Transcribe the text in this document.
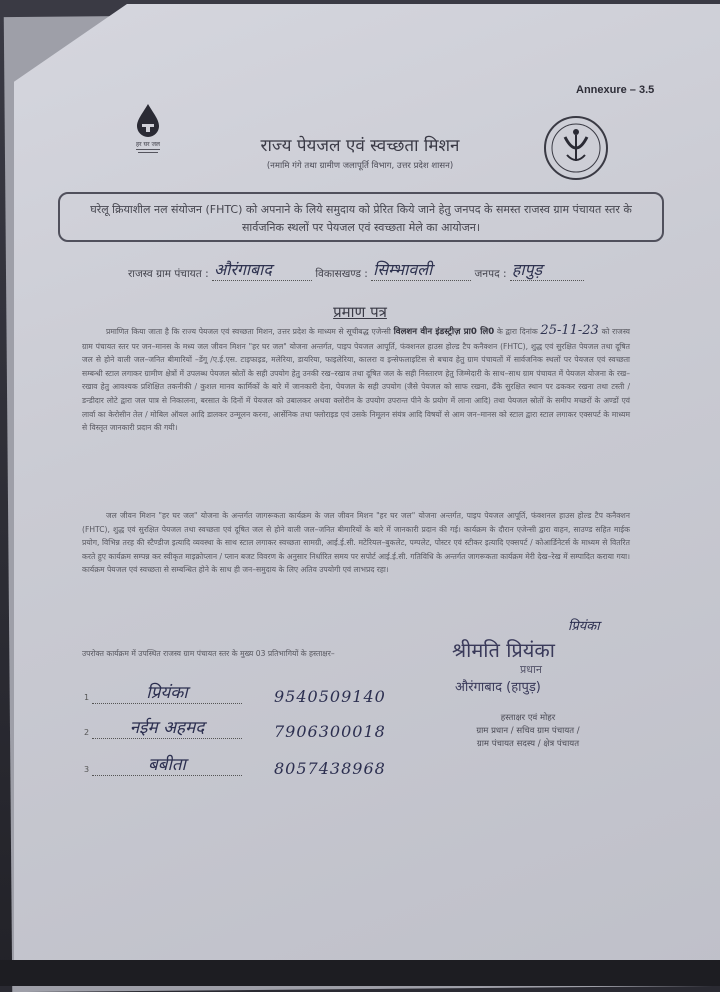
Annexure – 3.5
हर घर जल	राज्य पेयजल एवं स्वच्छता मिशन
(नमामि गंगे तथा ग्रामीण जलापूर्ति विभाग, उत्तर प्रदेश शासन)
घरेलू क्रियाशील नल संयोजन (FHTC) को अपनाने के लिये समुदाय को प्रेरित किये जाने हेतु जनपद के समस्त राजस्व ग्राम पंचायत स्तर के सार्वजनिक स्थलों पर पेयजल एवं स्वच्छता मेले का आयोजन।
राजस्व ग्राम पंचायत : औरंगाबाद	विकासखण्ड : सिम्भावली	जनपद : हापुड़
प्रमाण पत्र
प्रमाणित किया जाता है कि राज्य पेयजल एवं स्वच्छता मिशन, उत्तर प्रदेश के माध्यम से सूचीबद्ध एजेन्सी विलशन वीन इंडस्ट्रीज़ प्रा0 लि0 के द्वारा दिनांक 25-11-23 को राजस्व ग्राम पंचायत स्तर पर जन–मानस के मध्य जल जीवन मिशन "हर घर जल" योजना अन्तर्गत, पाइप पेयजल आपूर्ति, फंक्शनल हाउस होल्ड टैप कनैक्शन (FHTC), शुद्ध एवं सुरक्षित पेयजल तथा दूषित जल से होने वाली जल–जनित बीमारियों –डेंगू /ए.ई.एस. टाइफाइड, मलेरिया, डायरिया, फाइलेरिया, कालरा व इन्सेफलाइटिस से बचाव हेतु ग्राम पंचायतों में सार्वजनिक स्थलों पर पेयजल एवं स्वच्छता सम्बन्धी स्टाल लगाकर ग्रामीण क्षेत्रों में उपलब्ध पेयजल स्रोतों के सही उपयोग हेतु उनकी रख–रखाव तथा दूषित जल के सही निस्तारण हेतु जिम्मेदारी के साथ–साथ ग्राम पंचायत में पेयजल योजना के रख–रखाव हेतु आवश्यक प्रशिक्षित तकनीकी / कुशल मानव कार्मिकों के बारे में जानकारी देना, पेयजल के सही उपयोग (जैसे पेयजल को साफ रखना, ढँके सुरक्षित स्थान पर ढककर रखना तथा टस्ती / डन्डीदार लोटे द्वारा जल पात्र से निकालना, बरसात के दिनों में पेयजल को उबालकर अथवा क्लोरीन के उपयोग उपरान्त पीने के प्रयोग में लाना आदि) तथा पेयजल स्रोतों के समीप मच्छरों के अण्डों एवं लार्वा का केरोसीन तेल / मोबिल ऑयल आदि डालकर उन्मूलन करना, आर्सेनिक तथा फ्लोराइड एवं उसके निमूलन संयंत्र आदि विषयों से आम जन–मानस को स्टाल द्वारा स्टाल लगाकर एक्सपर्ट के माध्यम से विस्तृत जानकारी प्रदान की गयी।
जल जीवन मिशन "हर घर जल" योजना के अन्तर्गत जागरूकता कार्यक्रम के जल जीवन मिशन "हर घर जल" योजना अन्तर्गत, पाइप पेयजल आपूर्ति, फंक्शनल हाउस होल्ड टैप कनैक्शन (FHTC), शुद्ध एवं सुरक्षित पेयजल तथा स्वच्छता एवं दूषित जल से होने वाली जल–जनित बीमारियों के बारे में जानकारी प्रदान की गई। कार्यक्रम के दौरान एजेन्सी द्वारा वाहन, साउण्ड सहित माईक प्रयोग, विभिन्न तरह की स्टैण्डीज इत्यादि व्यवस्था के साथ स्टाल लगाकर स्वच्छता सामग्री, आई.ई.सी. मटेरियल–बुकलेट, पम्पलेट, पोस्टर एवं स्टीकर इत्यादि एक्सपर्ट / कोआर्डिनेटर्स के माध्यम से वितरित करते हुए कार्यक्रम सम्पन्न कर स्वीकृत माइक्रोप्लान / प्लान बजट विवरण के अनुसार निर्धारित समय पर सपोर्ट आई.ई.सी. गतिविधि के अन्तर्गत जागरूकता कार्यक्रम मेरी देख–रेख में सम्पादित कराया गया। कार्यक्रम पेयजल एवं स्वच्छता से सम्बन्धित होने के साथ ही जन–समुदाय के लिए अतिव उपयोगी एवं लाभप्रद रहा।
उपरोक्त कार्यक्रम में उपस्थित राजस्व ग्राम पंचायत स्तर के मुख्य 03 प्रतिभागियों के हस्ताक्षर–
1	प्रियंका	9540509140
2	नईम अहमद	7906300018
3	बबीता	8057438968
प्रियंका
श्रीमति प्रियंका
प्रधान
औरंगाबाद (हापुड़)
हस्ताक्षर एवं मोहर
ग्राम प्रधान / सचिव ग्राम पंचायत /
ग्राम पंचायत सदस्य / क्षेत्र पंचायत
